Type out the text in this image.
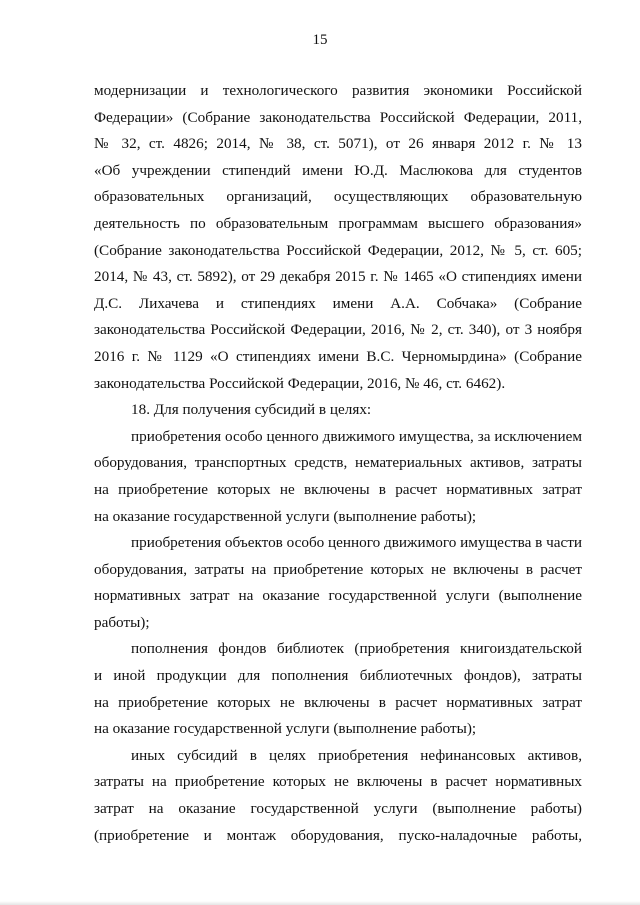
15
модернизации и технологического развития экономики Российской
Федерации» (Собрание законодательства Российской Федерации, 2011,
№ 32, ст. 4826; 2014, № 38, ст. 5071), от 26 января 2012 г. № 13
«Об учреждении стипендий имени Ю.Д. Маслюкова для студентов
образовательных организаций, осуществляющих образовательную
деятельность по образовательным программам высшего образования»
(Собрание законодательства Российской Федерации, 2012, № 5, ст. 605;
2014, № 43, ст. 5892), от 29 декабря 2015 г. № 1465 «О стипендиях имени
Д.С. Лихачева и стипендиях имени А.А. Собчака» (Собрание
законодательства Российской Федерации, 2016, № 2, ст. 340), от 3 ноября
2016 г. № 1129 «О стипендиях имени В.С. Черномырдина» (Собрание
законодательства Российской Федерации, 2016, № 46, ст. 6462).
18. Для получения субсидий в целях:
приобретения особо ценного движимого имущества, за исключением
оборудования, транспортных средств, нематериальных активов, затраты
на приобретение которых не включены в расчет нормативных затрат
на оказание государственной услуги (выполнение работы);
приобретения объектов особо ценного движимого имущества в части
оборудования, затраты на приобретение которых не включены в расчет
нормативных затрат на оказание государственной услуги (выполнение
работы);
пополнения фондов библиотек (приобретения книгоиздательской
и иной продукции для пополнения библиотечных фондов), затраты
на приобретение которых не включены в расчет нормативных затрат
на оказание государственной услуги (выполнение работы);
иных субсидий в целях приобретения нефинансовых активов,
затраты на приобретение которых не включены в расчет нормативных
затрат на оказание государственной услуги (выполнение работы)
(приобретение и монтаж оборудования, пуско-наладочные работы,
